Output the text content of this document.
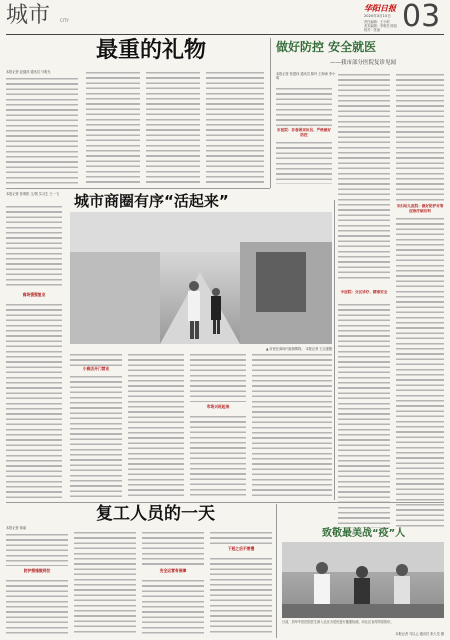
城市 CITY
华阳日报
2020年3月10日
责任编辑：王小明
美术编辑：李明亮 陈旭
校对：张丽 03
最重的礼物
本报记者 赵健萍 通讯员 马明光
做好防控 安全就医
——我市部分医院复诊见闻
本报记者 张建伟 通讯员 陈玲 王海涛 李小明
市医院：非春困采访员、严格做好防控
市妇幼儿医院：做好防护对等医治疗病有利
中医院：分区诊疗、精准安全
本报记者 张明阳 文/图 实习生 王一飞	城市商圈有序“活起来”
商场强强复业
▲ 市民在商场内逛街购物。 本报记者 王志强摄
小商店开门营业
市场兴旺起来
复工人员的一天
本报记者 林丽
防护措施做到位	安全运营有保障
下班之后不要慢
致敬最美战“疫”人
日前，刘华中医医院医生深入社区为居民进行健康检测，向社区宣传防疫知识。
本报记者 马以云 通讯员 张大龙 摄
